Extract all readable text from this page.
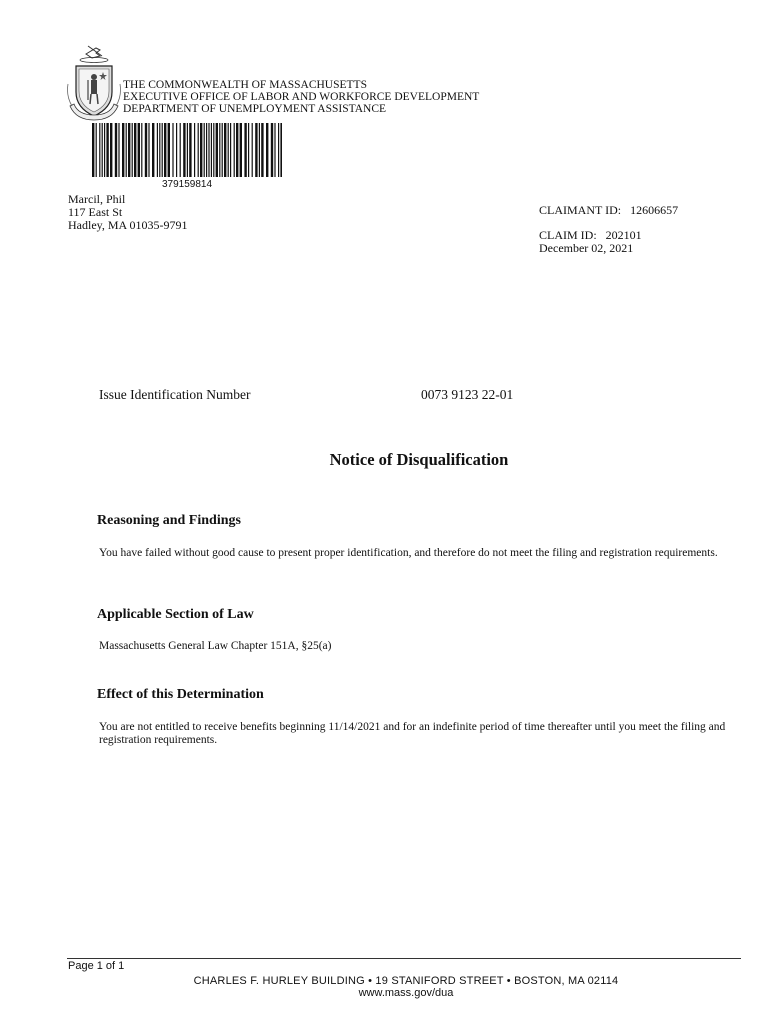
THE COMMONWEALTH OF MASSACHUSETTS
EXECUTIVE OFFICE OF LABOR AND WORKFORCE DEVELOPMENT
DEPARTMENT OF UNEMPLOYMENT ASSISTANCE
379159814
Marcil, Phil
117 East St
Hadley, MA 01035-9791
CLAIMANT ID: 12606657
CLAIM ID: 202101
December 02, 2021
Issue Identification Number	0073 9123 22-01
Notice of Disqualification
Reasoning and Findings
You have failed without good cause to present proper identification, and therefore do not meet the filing and registration requirements.
Applicable Section of Law
Massachusetts General Law Chapter 151A, §25(a)
Effect of this Determination
You are not entitled to receive benefits beginning 11/14/2021 and for an indefinite period of time thereafter until you meet the filing and registration requirements.
Page 1 of 1
CHARLES F. HURLEY BUILDING • 19 STANIFORD STREET • BOSTON, MA 02114
www.mass.gov/dua
